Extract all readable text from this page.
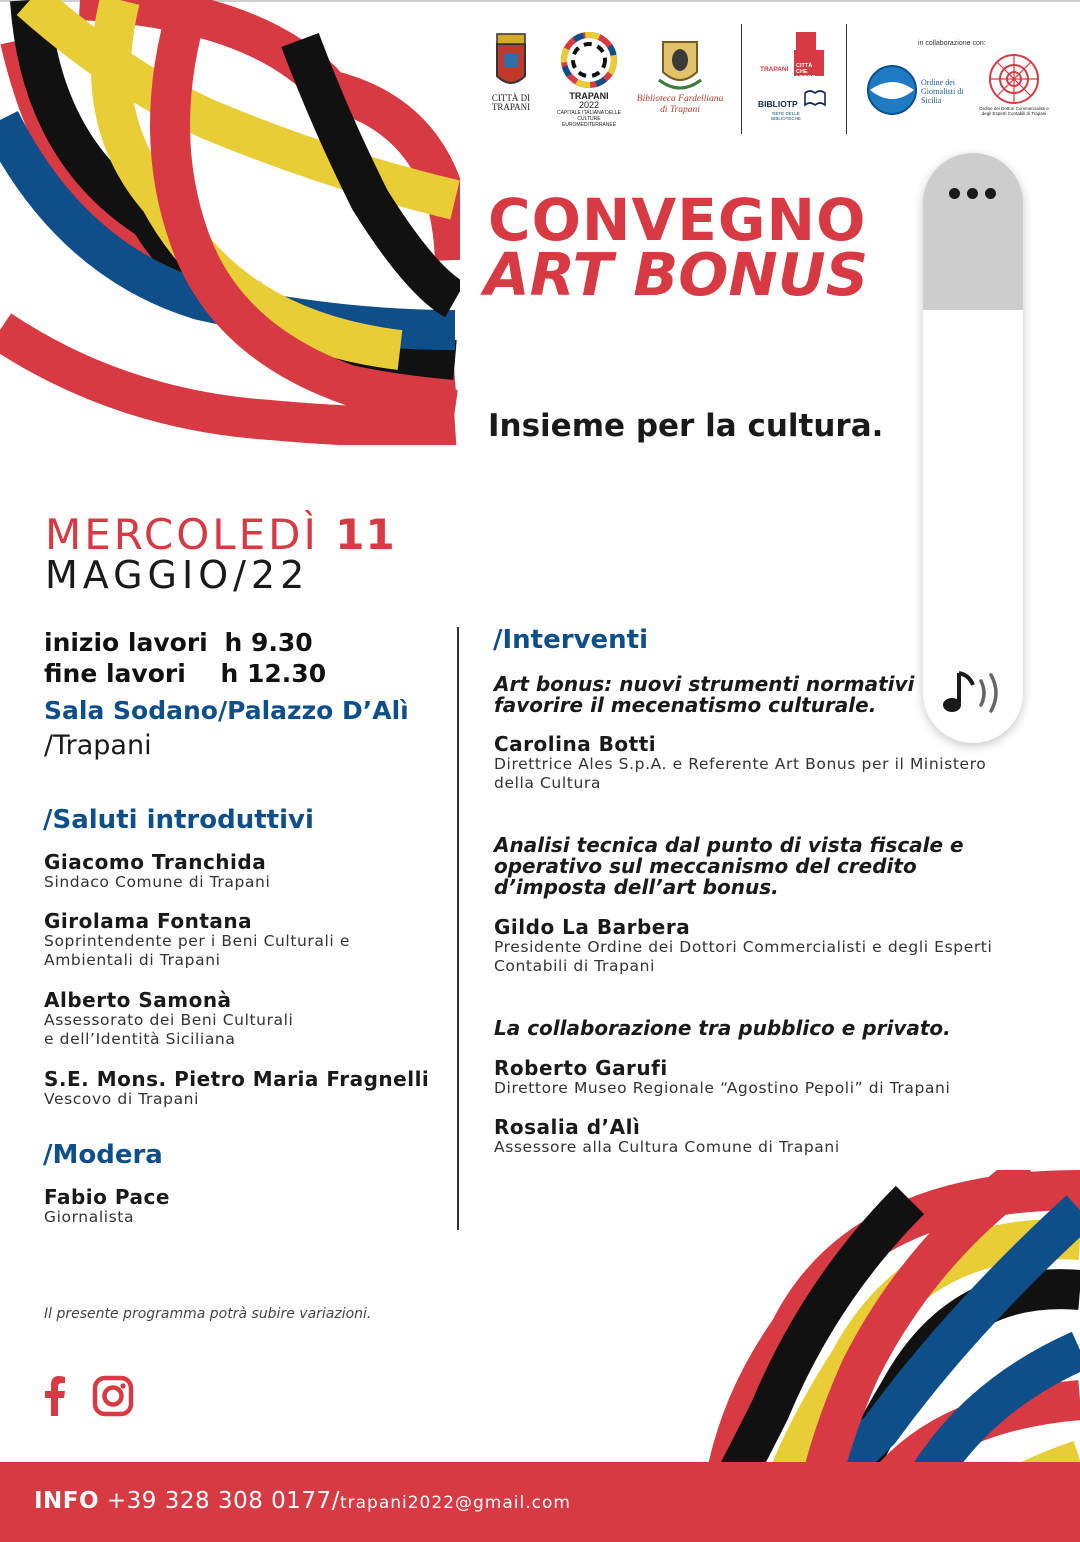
CITTÀ DI TRAPANI
TRAPANI
2022
CAPITALE ITALIANA DELLE CULTURE EUROMEDITERRANEE
Biblioteca Fardelliana di Trapani
TRAPANI CITTÀ CHE LEGGE
BIBLIOTP
RETE DELLE BIBLIOTECHE
in collaborazione con:
Ordine dei Giornalisti di Sicilia
Ordine dei Dottori Commercialisti e degli Esperti Contabili di Trapani
CONVEGNO
ART BONUS
Insieme per la cultura.
MERCOLEDÌ 11
MAGGIO/22
inizio lavori h 9.30
fine lavori h 12.30
Sala Sodano/Palazzo D’Alì
/Trapani
/Saluti introduttivi
Giacomo Tranchida
Sindaco Comune di Trapani
Girolama Fontana
Soprintendente per i Beni Culturali e
Ambientali di Trapani
Alberto Samonà
Assessorato dei Beni Culturali
e dell’Identità Siciliana
S.E. Mons. Pietro Maria Fragnelli
Vescovo di Trapani
/Modera
Fabio Pace
Giornalista
/Interventi
Art bonus: nuovi strumenti normativi
favorire il mecenatismo culturale.
Carolina Botti
Direttrice Ales S.p.A. e Referente Art Bonus per il Ministero
della Cultura
Analisi tecnica dal punto di vista fiscale e
operativo sul meccanismo del credito
d’imposta dell’art bonus.
Gildo La Barbera
Presidente Ordine dei Dottori Commercialisti e degli Esperti
Contabili di Trapani
La collaborazione tra pubblico e privato.
Roberto Garufi
Direttore Museo Regionale “Agostino Pepoli” di Trapani
Rosalia d’Alì
Assessore alla Cultura Comune di Trapani
Il presente programma potrà subire variazioni.
INFO +39 328 308 0177/trapani2022@gmail.com
